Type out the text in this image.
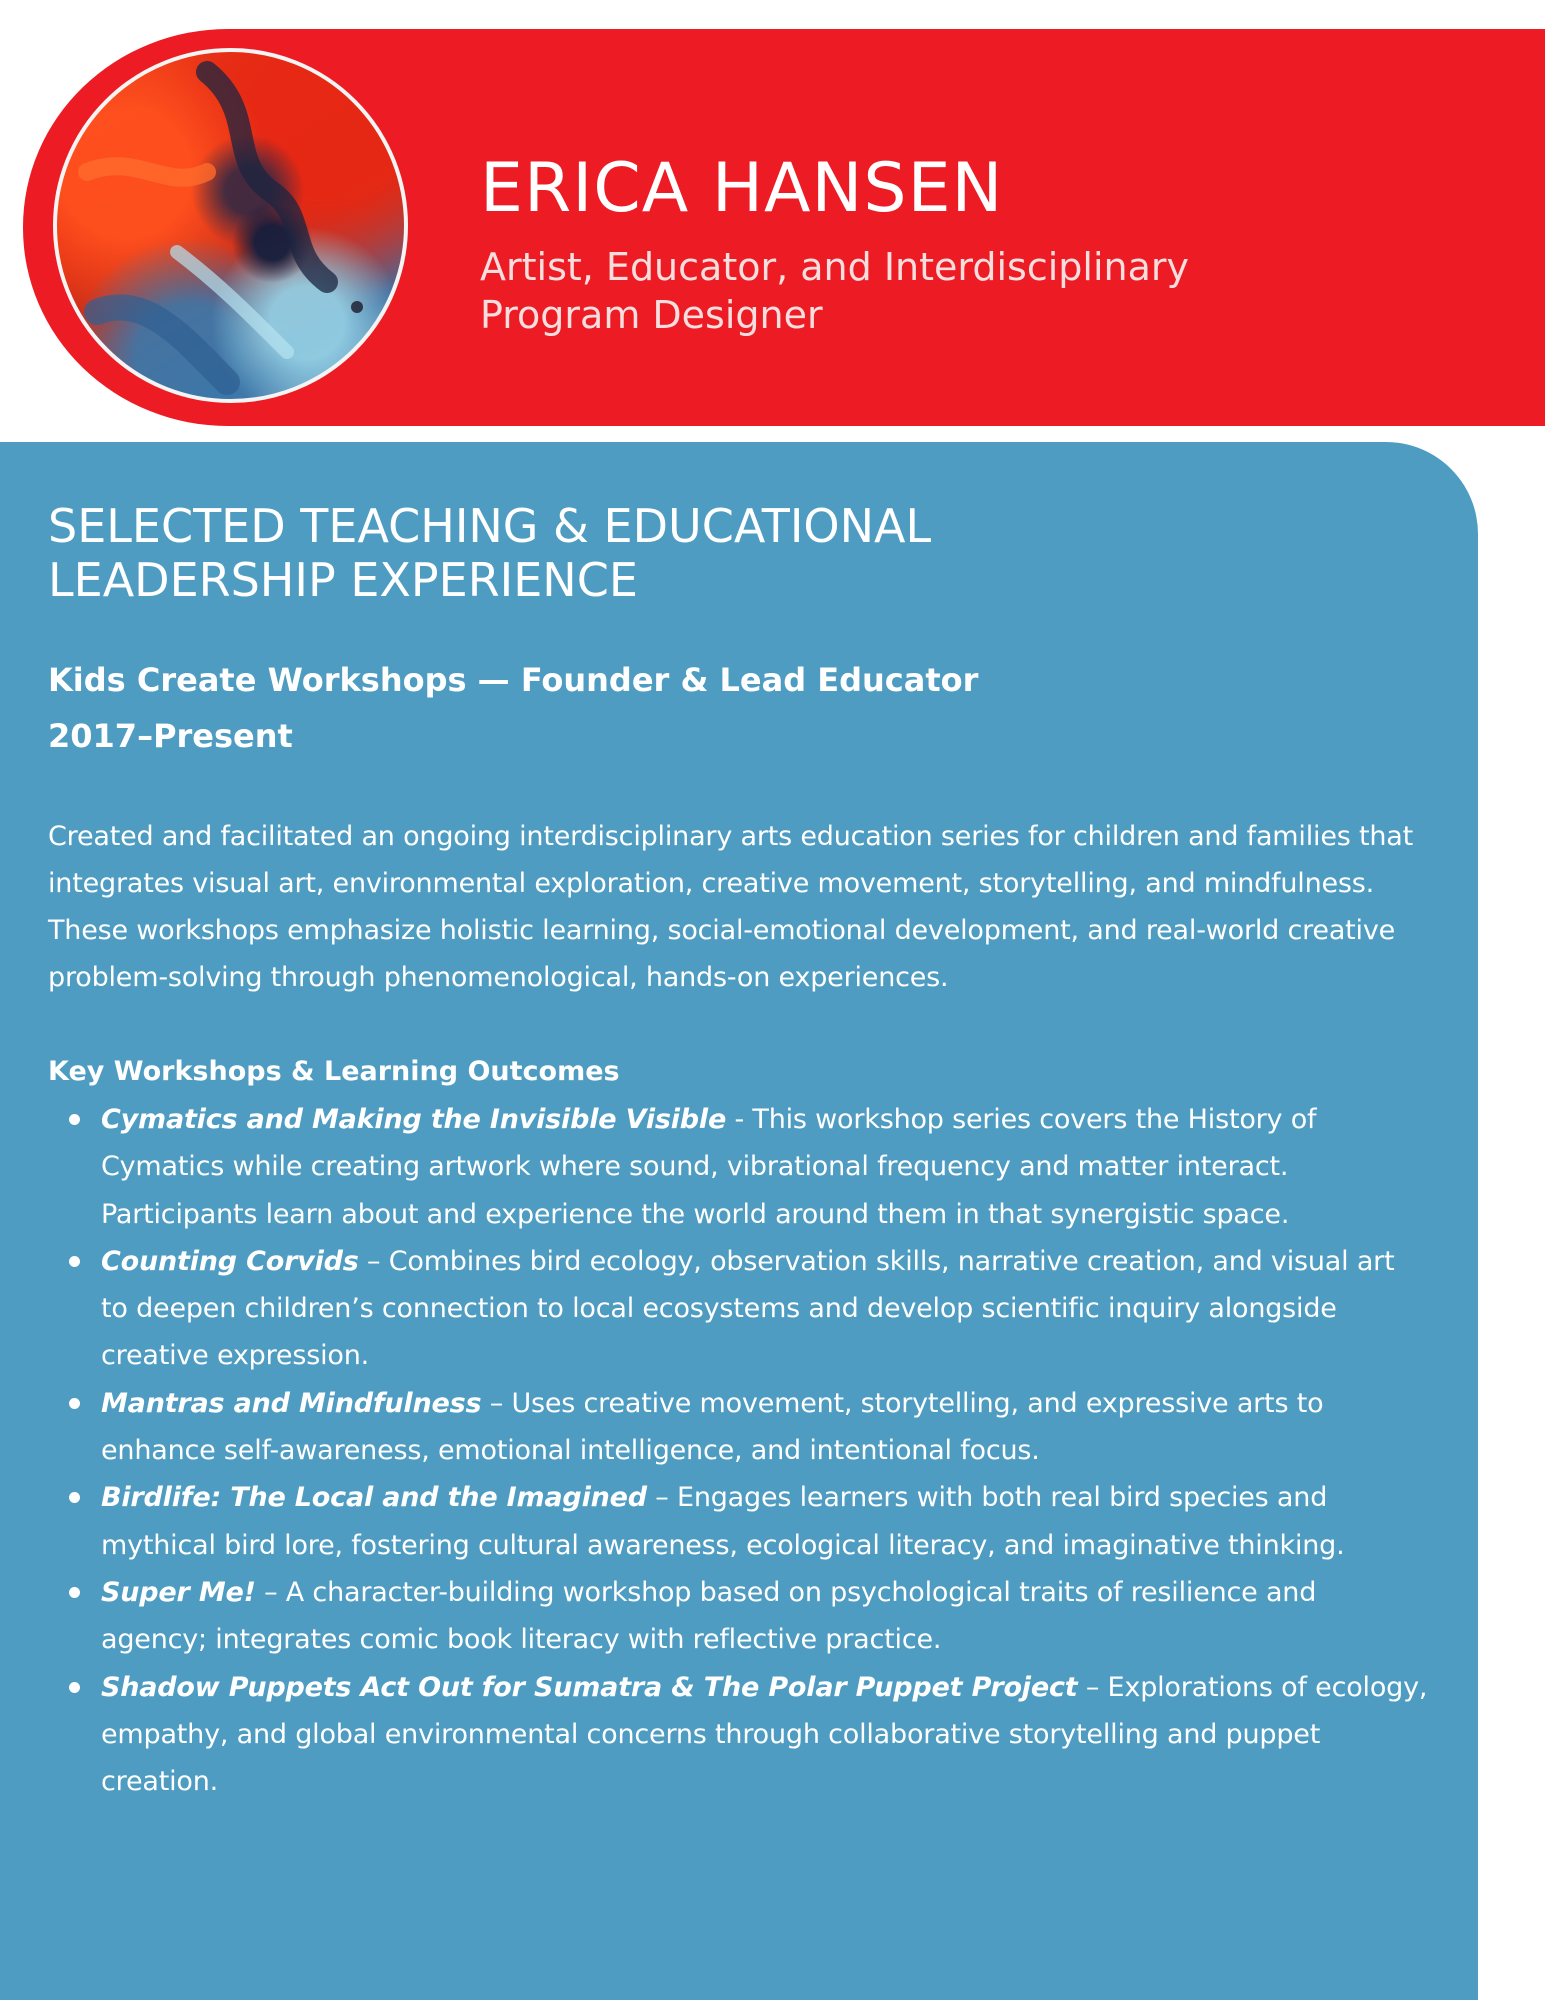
ERICA HANSEN

Artist, Educator, and Interdisciplinary Program Designer

SELECTED TEACHING & EDUCATIONAL LEADERSHIP EXPERIENCE

Kids Create Workshops — Founder & Lead Educator

2017–Present

Created and facilitated an ongoing interdisciplinary arts education series for children and families that integrates visual art, environmental exploration, creative movement, storytelling, and mindfulness. These workshops emphasize holistic learning, social-emotional development, and real-world creative problem-solving through phenomenological, hands-on experiences.

Key Workshops & Learning Outcomes

Cymatics and Making the Invisible Visible - This workshop series covers the History of Cymatics while creating artwork where sound, vibrational frequency and matter interact. Participants learn about and experience the world around them in that synergistic space.
Counting Corvids – Combines bird ecology, observation skills, narrative creation, and visual art to deepen children’s connection to local ecosystems and develop scientific inquiry alongside creative expression.
Mantras and Mindfulness – Uses creative movement, storytelling, and expressive arts to enhance self-awareness, emotional intelligence, and intentional focus.
Birdlife: The Local and the Imagined – Engages learners with both real bird species and mythical bird lore, fostering cultural awareness, ecological literacy, and imaginative thinking.
Super Me! – A character-building workshop based on psychological traits of resilience and agency; integrates comic book literacy with reflective practice.
Shadow Puppets Act Out for Sumatra & The Polar Puppet Project – Explorations of ecology, empathy, and global environmental concerns through collaborative storytelling and puppet creation.
